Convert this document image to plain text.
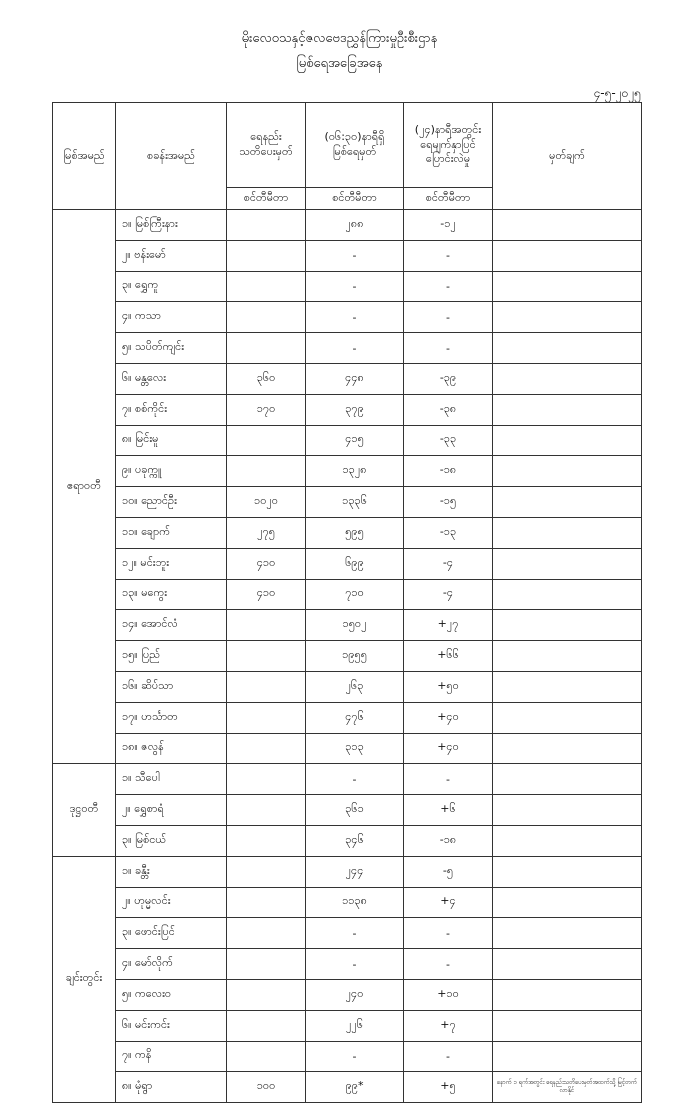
မိုးလေဝသနှင့်ဇလဗေဒညွှန်ကြားမှုဦးစီးဌာန
မြစ်ရေအခြေအနေ
၄-၅-၂၀၂၅
မြစ်အမည်	စခန်းအမည်	ရေနည်း
သတိပေးမှတ်	(၀၆:၃၀)နာရီရှိ
မြစ်ရေမှတ်	(၂၄)နာရီအတွင်း
ရေမျက်နှာပြင်
ပြောင်းလဲမှု	မှတ်ချက်
		စင်တီမီတာ	စင်တီမီတာ	စင်တီမီတာ	
ဧရာဝတီ	၁။ မြစ်ကြီးနား		၂၈၈	-၁၂	
	၂။ ဗန်းမော်		-	-	
	၃။ ရွှေကူ		-	-	
	၄။ ကသာ		-	-	
	၅။ သပိတ်ကျင်း		-	-	
	၆။ မန္တလေး	၃၆၀	၄၄၈	-၃၉	
	၇။ စစ်ကိုင်း	၁၇၀	၃၇၉	-၃၈	
	၈။ မြင်းမူ		၄၁၅	-၃၃	
	၉။ ပခုက္ကူ		၁၃၂၈	-၁၈	
	၁၀။ ညောင်ဦး	၁၀၂၀	၁၃၃၆	-၁၅	
	၁၁။ ချောက်	၂၇၅	၅၉၅	-၁၃	
	၁၂။ မင်းဘူး	၄၁၀	၆၉၉	-၄	
	၁၃။ မကွေး	၄၁၀	၇၁၀	-၄	
	၁၄။ အောင်လံ		၁၅၀၂	+၂၇	
	၁၅။ ပြည်		၁၉၅၅	+၆၆	
	၁၆။ ဆိပ်သာ		၂၆၃	+၅၀	
	၁၇။ ဟင်္သာတ		၄၇၆	+၄၀	
	၁၈။ ဇလွန်		၃၁၃	+၄၀	
ဒုဋ္ဌဝတီ	၁။ သီပေါ		-	-	
	၂။ ရွှေစာရံ		၃၆၁	+၆	
	၃။ မြစ်ငယ်		၃၄၆	-၁၈	
ချင်းတွင်း	၁။ ခန္တီး		၂၄၄	-၅	
	၂။ ဟုမ္မလင်း		၁၁၃၈	+၄	
	၃။ ဖောင်းပြင်		-	-	
	၄။ မော်လိုက်		-	-	
	၅။ ကလေးဝ		၂၄၀	+၁၀	
	၆။ မင်းကင်း		၂၂၆	+၇	
	၇။ ကနိ		-	-	
	၈။ မုံရွာ	၁၀၀	၉၉*	+၅	နောက် ၁ ရက်အတွင်း ရေနည်းသတိပေးမှတ်အထက်သို့ မြင့်တက်လာနိုင်
